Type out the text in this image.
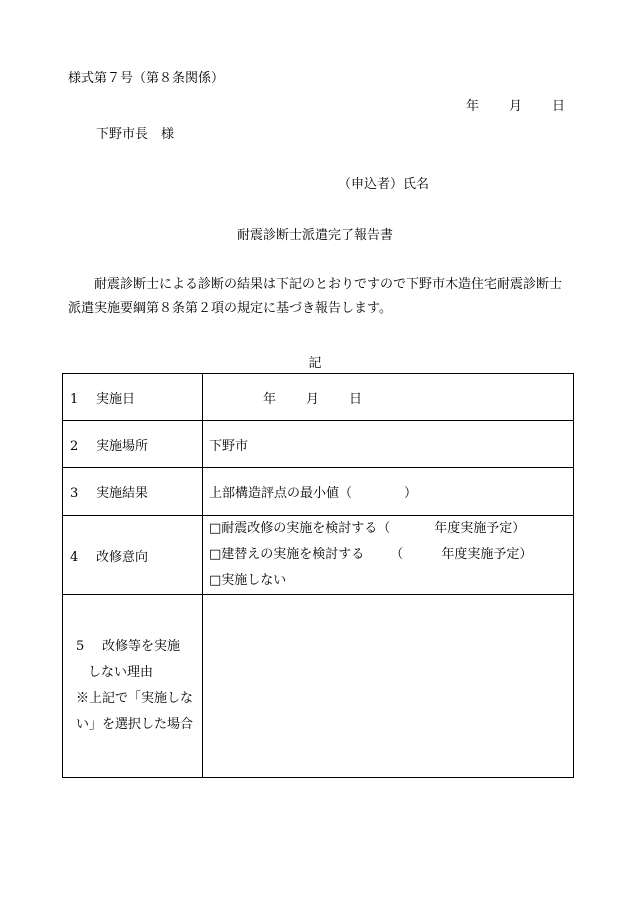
様式第７号（第８条関係）
年 月 日
下野市長　様
（申込者）氏名
耐震診断士派遣完了報告書
耐震診断士による診断の結果は下記のとおりですので下野市木造住宅耐震診断士派遣実施要綱第８条第２項の規定に基づき報告します。
記
1 実施日	年 月 日
2 実施場所	下野市
3 実施結果	上部構造評点の最小値（ ）
4 改修意向	□耐震改修の実施を検討する（ 年度実施予定）
□建替えの実施を検討する （ 年度実施予定）
□実施しない

5 改修等を実施
しない理由
※上記で「実施しな
い」を選択した場合	
